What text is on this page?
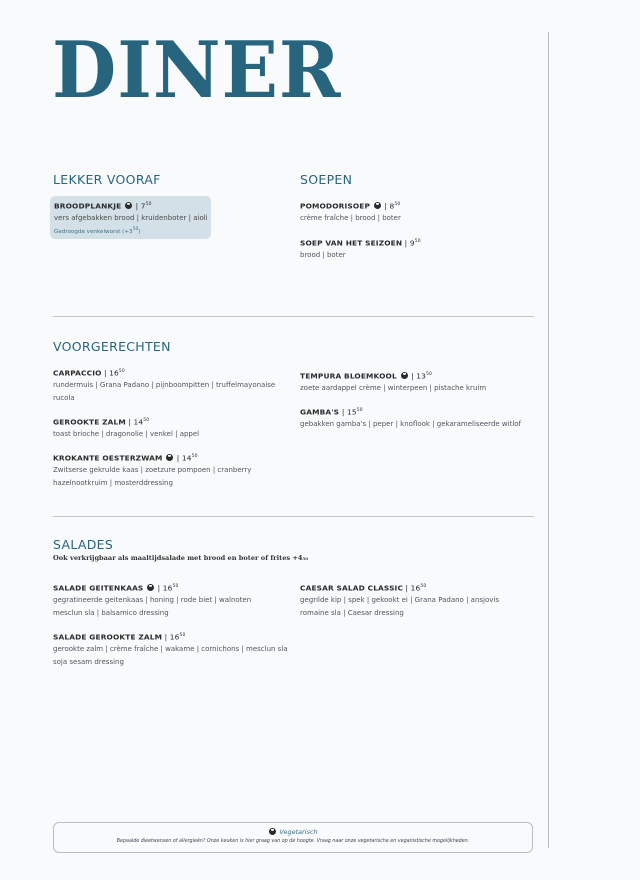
DINER
LEKKER VOORAF
BROODPLANKJE  | $7^{50}$
vers afgebakken brood | kruidenboter | aioli
Gedroogde venkelworst $(+3^{50})$
SOEPEN
POMODORISOEP  | $8^{50}$
crème fraîche | brood | boter
SOEP VAN HET SEIZOEN | $9^{50}$
brood | boter
VOORGERECHTEN
CARPACCIO | $16^{50}$
rundermuis | Grana Padano | pijnboompitten | truffelmayonaise rucola
GEROOKTE ZALM | $14^{50}$
toast brioche | dragonolie | venkel | appel
KROKANTE OESTERZWAM  | $14^{50}$
Zwitserse gekrulde kaas | zoetzure pompoen | cranberry hazelnootkruim | mosterddressing
TEMPURA BLOEMKOOL  | $13^{50}$
zoete aardappel crème | winterpeen | pistache kruim
GAMBA'S | $15^{50}$
gebakken gamba's | peper | knoflook | gekarameliseerde witlof
SALADES
Ook verkrijgbaar als maaltijdsalade met brood en boter of frites +450
SALADE GEITENKAAS  | $16^{50}$
gegratineerde geitenkaas | honing | rode biet | walnoten mesclun sla | balsamico dressing
SALADE GEROOKTE ZALM | $16^{50}$
gerookte zalm | crème fraîche | wakame | cornichons | mesclun sla soja sesam dressing
CAESAR SALAD CLASSIC | $16^{50}$
gegrilde kip | spek | gekookt ei | Grana Padano | ansjovis romaine sla | Caesar dressing
Vegetarisch
Bepaalde dieetwensen of allergieën? Onze keuken is hier graag van op de hoogte. Vraag naar onze vegetarische en veganistische mogelijkheden.
